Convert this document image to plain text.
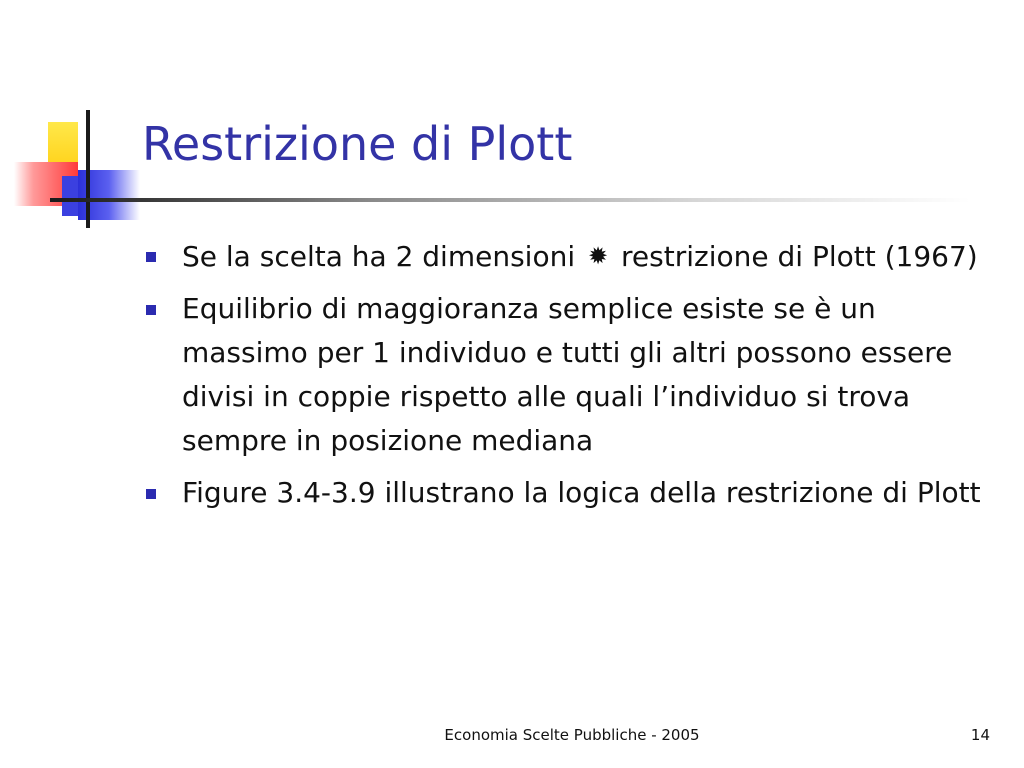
Restrizione di Plott
Se la scelta ha 2 dimensioni ✹ restrizione di Plott (1967)
Equilibrio di maggioranza semplice esiste se è un massimo per 1 individuo e tutti gli altri possono essere divisi in coppie rispetto alle quali l’individuo si trova sempre in posizione mediana
Figure 3.4-3.9 illustrano la logica della restrizione di Plott
Economia Scelte Pubbliche - 2005	14
